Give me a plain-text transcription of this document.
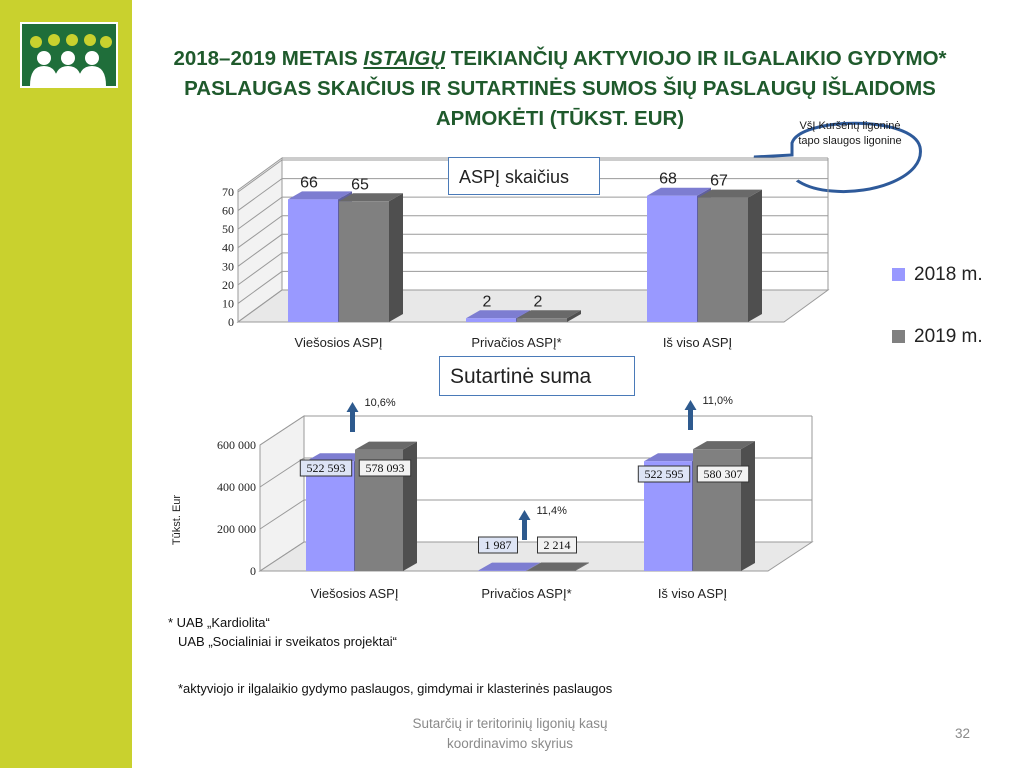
2018–2019 METAIS ISTAIGŲ TEIKIANČIŲ AKTYVIOJO IR ILGALAIKIO GYDYMO*
PASLAUGAS SKAIČIUS IR SUTARTINĖS SUMOS ŠIŲ PASLAUGŲ IŠLAIDOMS
APMOKĖTI (TŪKST. EUR)	VšĮ Kuršėnų ligoninė tapo slaugos ligonine
0
10
20
30
40
50
60
70
66 65
2	2
68 67
Viešosios ASPĮ	Privačios ASPĮ*	Iš viso ASPĮ
0
200 000
400 000
600 000
522 593 578 093
1 987	2 214
522 595 580 307
10,6%
11,4%
11,0%
Viešosios ASPĮ	Privačios ASPĮ*	Iš viso ASPĮ
Tūkst. Eur
ASPĮ skaičius
Sutartinė suma
2018 m.
2019 m.
* UAB „Kardiolita“
UAB „Socialiniai ir sveikatos projektai“
*aktyviojo ir ilgalaikio gydymo paslaugos, gimdymai ir klasterinės paslaugos
Sutarčių ir teritorinių ligonių kasų
koordinavimo skyrius
32
